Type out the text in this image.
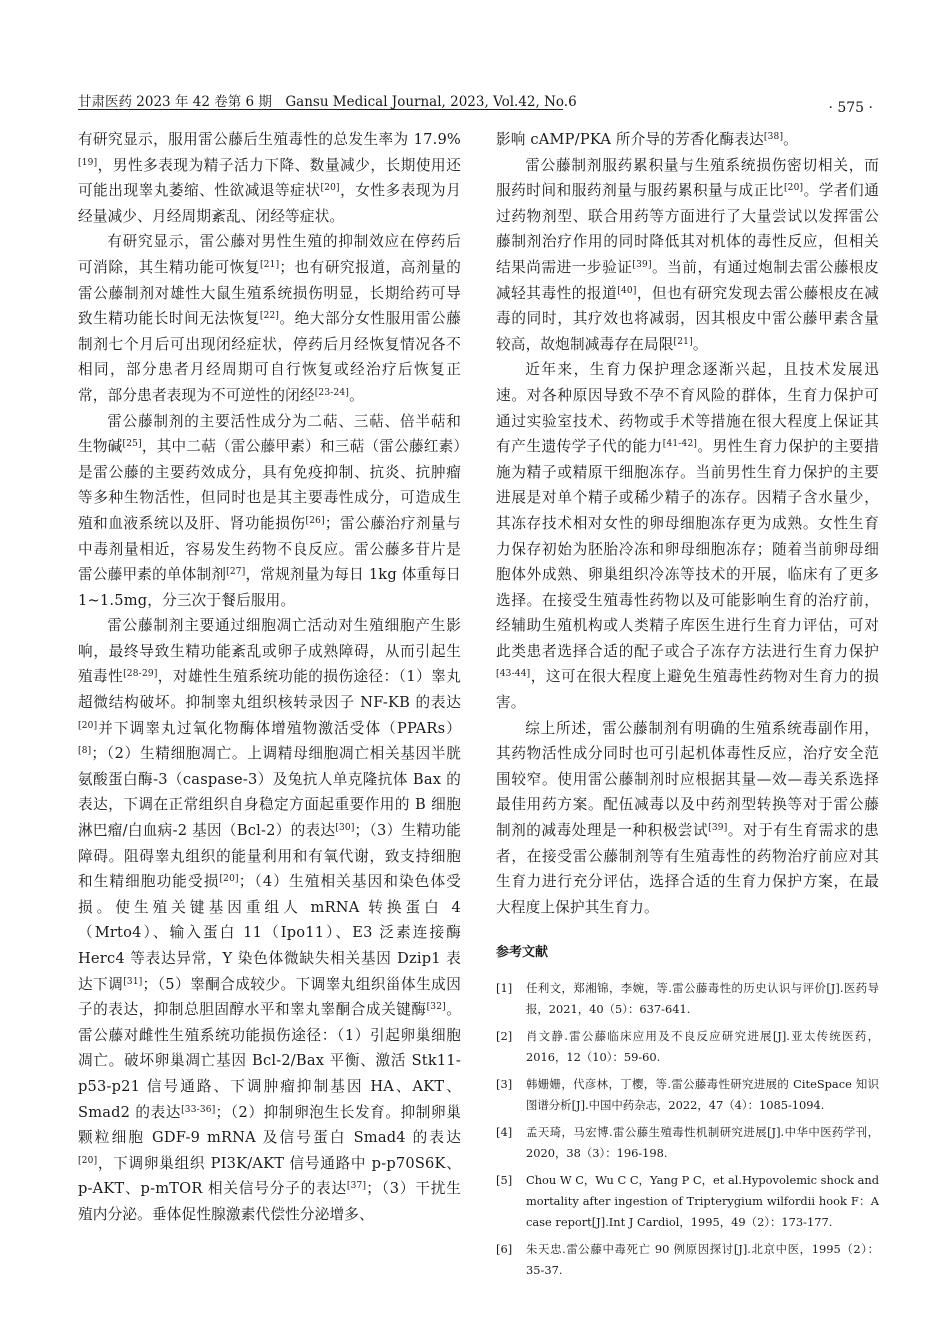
甘肃医药 2023 年 42 卷第 6 期　Gansu Medical Journal, 2023, Vol.42, No.6	· 575 ·

有研究显示，服用雷公藤后生殖毒性的总发生率为 17.9%[19]，男性多表现为精子活力下降、数量减少，长期使用还可能出现睾丸萎缩、性欲减退等症状[20]，女性多表现为月经量减少、月经周期紊乱、闭经等症状。

有研究显示，雷公藤对男性生殖的抑制效应在停药后可消除，其生精功能可恢复[21]；也有研究报道，高剂量的雷公藤制剂对雄性大鼠生殖系统损伤明显，长期给药可导致生精功能长时间无法恢复[22]。绝大部分女性服用雷公藤制剂七个月后可出现闭经症状，停药后月经恢复情况各不相同，部分患者月经周期可自行恢复或经治疗后恢复正常，部分患者表现为不可逆性的闭经[23-24]。

雷公藤制剂的主要活性成分为二萜、三萜、倍半萜和生物碱[25]，其中二萜（雷公藤甲素）和三萜（雷公藤红素）是雷公藤的主要药效成分，具有免疫抑制、抗炎、抗肿瘤等多种生物活性，但同时也是其主要毒性成分，可造成生殖和血液系统以及肝、肾功能损伤[26]；雷公藤治疗剂量与中毒剂量相近，容易发生药物不良反应。雷公藤多苷片是雷公藤甲素的单体制剂[27]，常规剂量为每日 1kg 体重每日 1~1.5mg，分三次于餐后服用。

雷公藤制剂主要通过细胞凋亡活动对生殖细胞产生影响，最终导致生精功能紊乱或卵子成熟障碍，从而引起生殖毒性[28-29]，对雄性生殖系统功能的损伤途径：（1）睾丸超微结构破坏。抑制睾丸组织核转录因子 NF-KB 的表达[20]并下调睾丸过氧化物酶体增殖物激活受体（PPARs）[8]；（2）生精细胞凋亡。上调精母细胞凋亡相关基因半胱氨酸蛋白酶-3（caspase-3）及兔抗人单克隆抗体 Bax 的表达，下调在正常组织自身稳定方面起重要作用的 B 细胞淋巴瘤/白血病-2 基因（Bcl-2）的表达[30]；（3）生精功能障碍。阻碍睾丸组织的能量利用和有氧代谢，致支持细胞和生精细胞功能受损[20]；（4）生殖相关基因和染色体受损。使生殖关键基因重组人 mRNA 转换蛋白 4（Mrto4）、输入蛋白 11（Ipo11）、E3 泛素连接酶 Herc4 等表达异常，Y 染色体微缺失相关基因 Dzip1 表达下调[31]；（5）睾酮合成较少。下调睾丸组织甾体生成因子的表达，抑制总胆固醇水平和睾丸睾酮合成关键酶[32]。雷公藤对雌性生殖系统功能损伤途径：（1）引起卵巢细胞凋亡。破坏卵巢凋亡基因 Bcl-2/Bax 平衡、激活 Stk11-p53-p21 信号通路、下调肿瘤抑制基因 HA、AKT、Smad2 的表达[33-36]；（2）抑制卵泡生长发育。抑制卵巢颗粒细胞 GDF-9 mRNA 及信号蛋白 Smad4 的表达[20]，下调卵巢组织 PI3K/AKT 信号通路中 p-p70S6K、p-AKT、p-mTOR 相关信号分子的表达[37]；（3）干扰生殖内分泌。垂体促性腺激素代偿性分泌增多、

影响 cAMP/PKA 所介导的芳香化酶表达[38]。

雷公藤制剂服药累积量与生殖系统损伤密切相关，而服药时间和服药剂量与服药累积量与成正比[20]。学者们通过药物剂型、联合用药等方面进行了大量尝试以发挥雷公藤制剂治疗作用的同时降低其对机体的毒性反应，但相关结果尚需进一步验证[39]。当前，有通过炮制去雷公藤根皮减轻其毒性的报道[40]，但也有研究发现去雷公藤根皮在减毒的同时，其疗效也将减弱，因其根皮中雷公藤甲素含量较高，故炮制减毒存在局限[21]。

近年来，生育力保护理念逐渐兴起，且技术发展迅速。对各种原因导致不孕不育风险的群体，生育力保护可通过实验室技术、药物或手术等措施在很大程度上保证其有产生遗传学子代的能力[41-42]。男性生育力保护的主要措施为精子或精原干细胞冻存。当前男性生育力保护的主要进展是对单个精子或稀少精子的冻存。因精子含水量少，其冻存技术相对女性的卵母细胞冻存更为成熟。女性生育力保存初始为胚胎冷冻和卵母细胞冻存；随着当前卵母细胞体外成熟、卵巢组织冷冻等技术的开展，临床有了更多选择。在接受生殖毒性药物以及可能影响生育的治疗前，经辅助生殖机构或人类精子库医生进行生育力评估，可对此类患者选择合适的配子或合子冻存方法进行生育力保护[43-44]，这可在很大程度上避免生殖毒性药物对生育力的损害。

综上所述，雷公藤制剂有明确的生殖系统毒副作用，其药物活性成分同时也可引起机体毒性反应，治疗安全范围较窄。使用雷公藤制剂时应根据其量—效—毒关系选择最佳用药方案。配伍减毒以及中药剂型转换等对于雷公藤制剂的减毒处理是一种积极尝试[39]。对于有生育需求的患者，在接受雷公藤制剂等有生殖毒性的药物治疗前应对其生育力进行充分评估，选择合适的生育力保护方案，在最大程度上保护其生育力。

参考文献
[1]	任利文，郑湘锦，李婉，等.雷公藤毒性的历史认识与评价[J].医药导报，2021，40（5）：637-641.
[2]	肖文静.雷公藤临床应用及不良反应研究进展[J].亚太传统医药，2016，12（10）：59-60.
[3]	韩姗姗，代彦林，丁樱，等.雷公藤毒性研究进展的 CiteSpace 知识图谱分析[J].中国中药杂志，2022，47（4）：1085-1094.
[4]	孟天琦，马宏博.雷公藤生殖毒性机制研究进展[J].中华中医药学刊，2020，38（3）：196-198.
[5]	Chou W C，Wu C C，Yang P C，et al.Hypovolemic shock and mortality after ingestion of Tripterygium wilfordii hook F：A case report[J].Int J Cardiol，1995，49（2）：173-177.
[6]	朱天忠.雷公藤中毒死亡 90 例原因探讨[J].北京中医，1995（2）：35-37.
